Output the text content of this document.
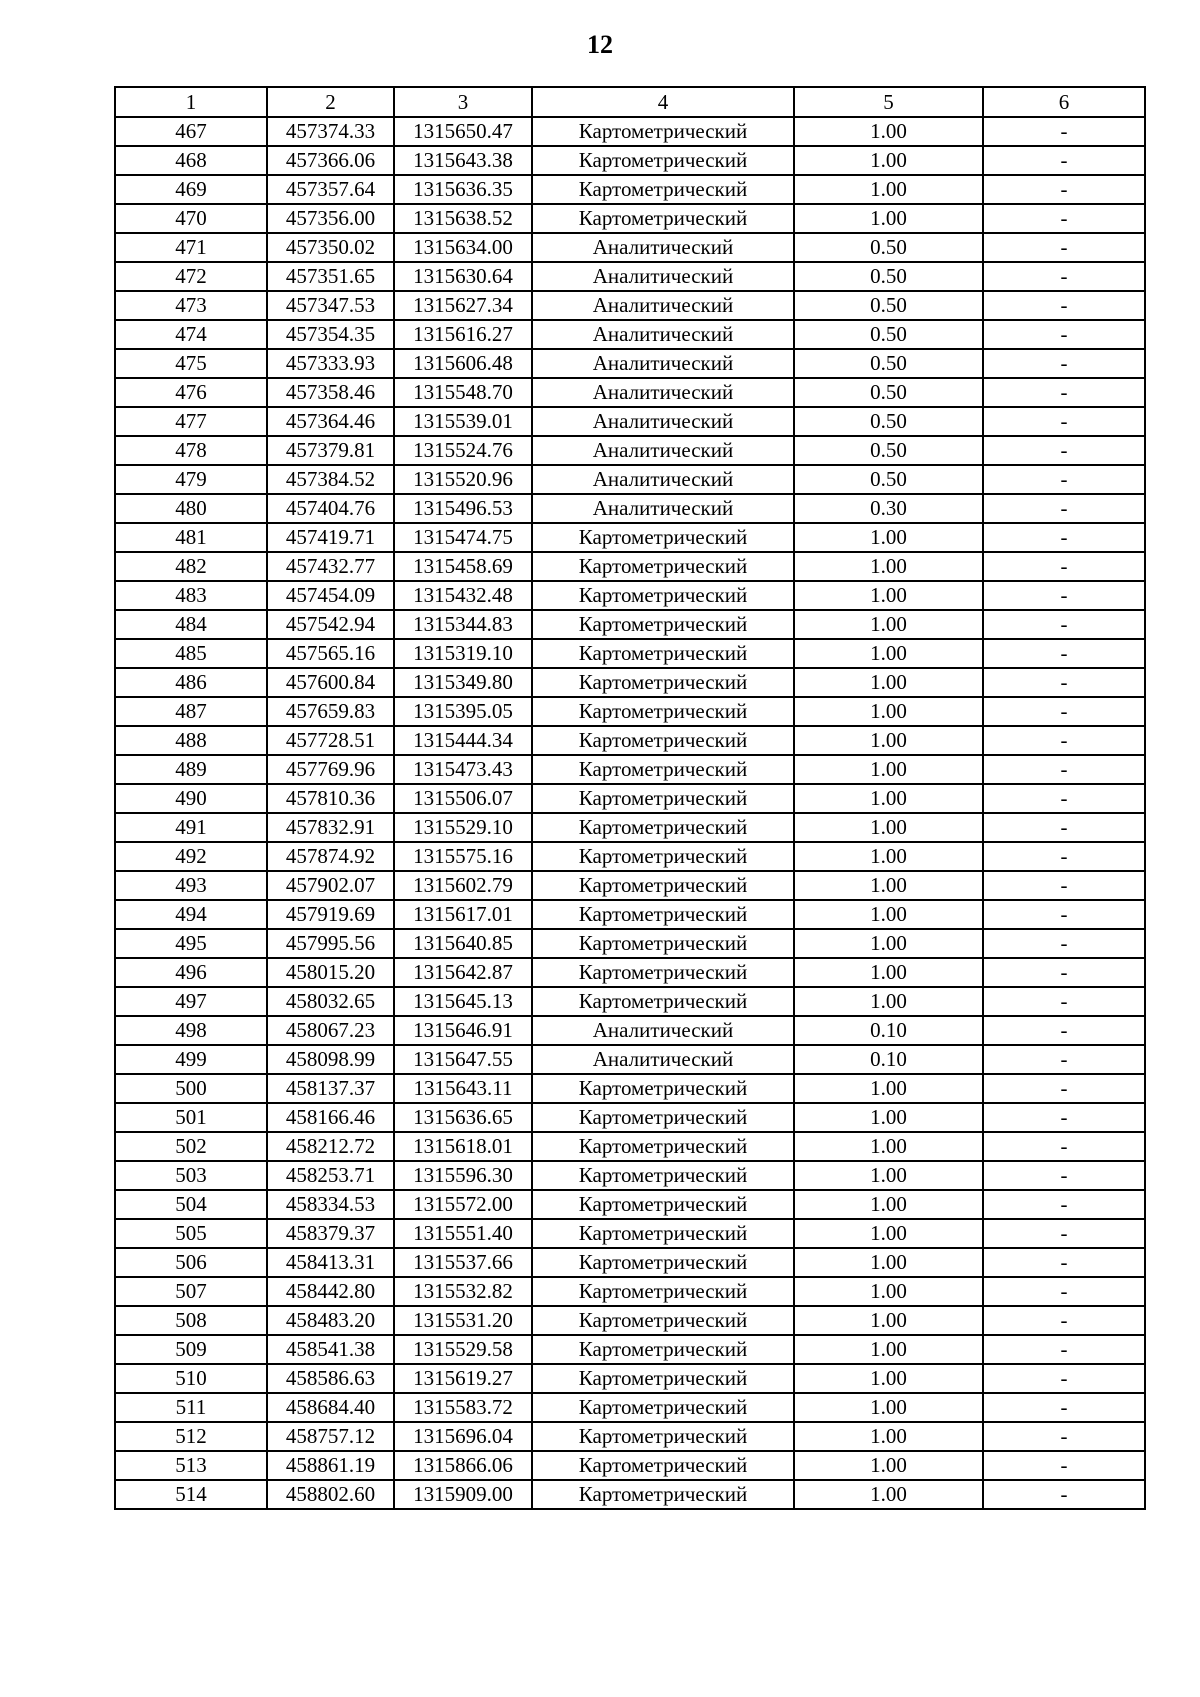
12
1	2	3	4	5	6
467	457374.33	1315650.47	Картометрический	1.00	-
468	457366.06	1315643.38	Картометрический	1.00	-
469	457357.64	1315636.35	Картометрический	1.00	-
470	457356.00	1315638.52	Картометрический	1.00	-
471	457350.02	1315634.00	Аналитический	0.50	-
472	457351.65	1315630.64	Аналитический	0.50	-
473	457347.53	1315627.34	Аналитический	0.50	-
474	457354.35	1315616.27	Аналитический	0.50	-
475	457333.93	1315606.48	Аналитический	0.50	-
476	457358.46	1315548.70	Аналитический	0.50	-
477	457364.46	1315539.01	Аналитический	0.50	-
478	457379.81	1315524.76	Аналитический	0.50	-
479	457384.52	1315520.96	Аналитический	0.50	-
480	457404.76	1315496.53	Аналитический	0.30	-
481	457419.71	1315474.75	Картометрический	1.00	-
482	457432.77	1315458.69	Картометрический	1.00	-
483	457454.09	1315432.48	Картометрический	1.00	-
484	457542.94	1315344.83	Картометрический	1.00	-
485	457565.16	1315319.10	Картометрический	1.00	-
486	457600.84	1315349.80	Картометрический	1.00	-
487	457659.83	1315395.05	Картометрический	1.00	-
488	457728.51	1315444.34	Картометрический	1.00	-
489	457769.96	1315473.43	Картометрический	1.00	-
490	457810.36	1315506.07	Картометрический	1.00	-
491	457832.91	1315529.10	Картометрический	1.00	-
492	457874.92	1315575.16	Картометрический	1.00	-
493	457902.07	1315602.79	Картометрический	1.00	-
494	457919.69	1315617.01	Картометрический	1.00	-
495	457995.56	1315640.85	Картометрический	1.00	-
496	458015.20	1315642.87	Картометрический	1.00	-
497	458032.65	1315645.13	Картометрический	1.00	-
498	458067.23	1315646.91	Аналитический	0.10	-
499	458098.99	1315647.55	Аналитический	0.10	-
500	458137.37	1315643.11	Картометрический	1.00	-
501	458166.46	1315636.65	Картометрический	1.00	-
502	458212.72	1315618.01	Картометрический	1.00	-
503	458253.71	1315596.30	Картометрический	1.00	-
504	458334.53	1315572.00	Картометрический	1.00	-
505	458379.37	1315551.40	Картометрический	1.00	-
506	458413.31	1315537.66	Картометрический	1.00	-
507	458442.80	1315532.82	Картометрический	1.00	-
508	458483.20	1315531.20	Картометрический	1.00	-
509	458541.38	1315529.58	Картометрический	1.00	-
510	458586.63	1315619.27	Картометрический	1.00	-
511	458684.40	1315583.72	Картометрический	1.00	-
512	458757.12	1315696.04	Картометрический	1.00	-
513	458861.19	1315866.06	Картометрический	1.00	-
514	458802.60	1315909.00	Картометрический	1.00	-
